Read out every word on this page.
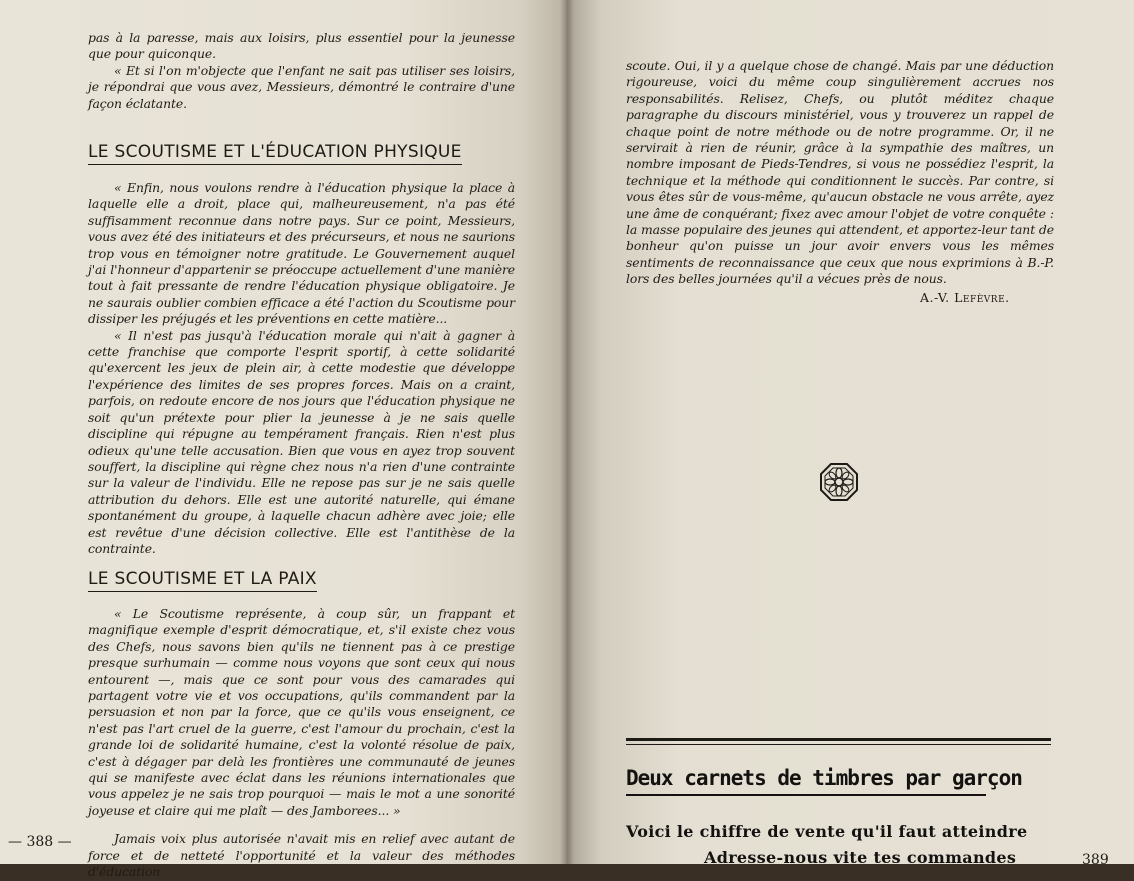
pas à la paresse, mais aux loisirs, plus essentiel pour la jeunesse que pour quiconque.

« Et si l'on m'objecte que l'enfant ne sait pas utiliser ses loisirs, je répondrai que vous avez, Messieurs, démontré le contraire d'une façon éclatante.

LE SCOUTISME ET L'ÉDUCATION PHYSIQUE

« Enfin, nous voulons rendre à l'éducation physique la place à laquelle elle a droit, place qui, malheureusement, n'a pas été suffisamment reconnue dans notre pays. Sur ce point, Messieurs, vous avez été des initiateurs et des précurseurs, et nous ne saurions trop vous en témoigner notre gratitude. Le Gouvernement auquel j'ai l'honneur d'appartenir se préoccupe actuellement d'une manière tout à fait pressante de rendre l'éducation physique obligatoire. Je ne saurais oublier combien efficace a été l'action du Scoutisme pour dissiper les préjugés et les préventions en cette matière...

« Il n'est pas jusqu'à l'éducation morale qui n'ait à gagner à cette franchise que comporte l'esprit sportif, à cette solidarité qu'exercent les jeux de plein air, à cette modestie que développe l'expérience des limites de ses propres forces. Mais on a craint, parfois, on redoute encore de nos jours que l'éducation physique ne soit qu'un prétexte pour plier la jeunesse à je ne sais quelle discipline qui répugne au tempérament français. Rien n'est plus odieux qu'une telle accusation. Bien que vous en ayez trop souvent souffert, la discipline qui règne chez nous n'a rien d'une contrainte sur la valeur de l'individu. Elle ne repose pas sur je ne sais quelle attribution du dehors. Elle est une autorité naturelle, qui émane spontanément du groupe, à laquelle chacun adhère avec joie; elle est revêtue d'une décision collective. Elle est l'antithèse de la contrainte.

LE SCOUTISME ET LA PAIX

« Le Scoutisme représente, à coup sûr, un frappant et magnifique exemple d'esprit démocratique, et, s'il existe chez vous des Chefs, nous savons bien qu'ils ne tiennent pas à ce prestige presque surhumain — comme nous voyons que sont ceux qui nous entourent —, mais que ce sont pour vous des camarades qui partagent votre vie et vos occupations, qu'ils commandent par la persuasion et non par la force, que ce qu'ils vous enseignent, ce n'est pas l'art cruel de la guerre, c'est l'amour du prochain, c'est la grande loi de solidarité humaine, c'est la volonté résolue de paix, c'est à dégager par delà les frontières une communauté de jeunes qui se manifeste avec éclat dans les réunions internationales que vous appelez je ne sais trop pourquoi — mais le mot a une sonorité joyeuse et claire qui me plaît — des Jamborees... »

Jamais voix plus autorisée n'avait mis en relief avec autant de force et de netteté l'opportunité et la valeur des méthodes d'éducation

— 388 —

scoute. Oui, il y a quelque chose de changé. Mais par une déduction rigoureuse, voici du même coup singulièrement accrues nos responsabilités. Relisez, Chefs, ou plutôt méditez chaque paragraphe du discours ministériel, vous y trouverez un rappel de chaque point de notre méthode ou de notre programme. Or, il ne servirait à rien de réunir, grâce à la sympathie des maîtres, un nombre imposant de Pieds-Tendres, si vous ne possédiez l'esprit, la technique et la méthode qui conditionnent le succès. Par contre, si vous êtes sûr de vous-même, qu'aucun obstacle ne vous arrête, ayez une âme de conquérant; fixez avec amour l'objet de votre conquête : la masse populaire des jeunes qui attendent, et apportez-leur tant de bonheur qu'on puisse un jour avoir envers vous les mêmes sentiments de reconnaissance que ceux que nous exprimions à B.-P. lors des belles journées qu'il a vécues près de nous.

A.-V. Lefèvre.
Deux carnets de timbres par garçon
Voici le chiffre de vente qu'il faut atteindre
Adresse-nous vite tes commandes	389
